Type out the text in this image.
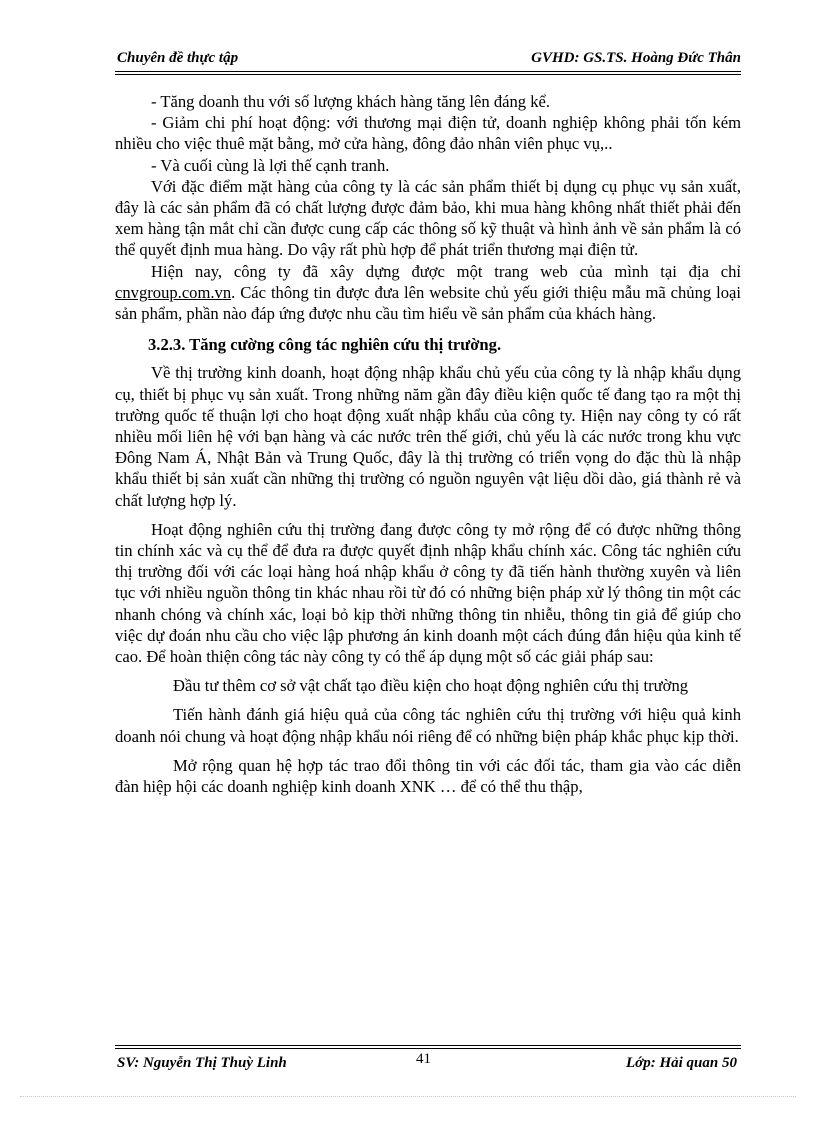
Chuyên đề thực tập	GVHD: GS.TS. Hoàng Đức Thân

- Tăng doanh thu với số lượng khách hàng tăng lên đáng kể.

- Giảm chi phí hoạt động: với thương mại điện tử, doanh nghiệp không phải tốn kém nhiều cho việc thuê mặt bằng, mở cửa hàng, đông đảo nhân viên phục vụ,..

- Và cuối cùng là lợi thế cạnh tranh.

Với đặc điểm mặt hàng của công ty là các sản phẩm thiết bị dụng cụ phục vụ sản xuất, đây là các sản phẩm đã có chất lượng được đảm bảo, khi mua hàng không nhất thiết phải đến xem hàng tận mắt chỉ cần được cung cấp các thông số kỹ thuật và hình ảnh về sản phẩm là có thể quyết định mua hàng. Do vậy rất phù hợp để phát triển thương mại điện tử.

Hiện nay, công ty đã xây dựng được một trang web của mình tại địa chỉ cnvgroup.com.vn. Các thông tin được đưa lên website chủ yếu giới thiệu mẫu mã chủng loại sản phẩm, phần nào đáp ứng được nhu cầu tìm hiểu về sản phẩm của khách hàng.

3.2.3. Tăng cường công tác nghiên cứu thị trường.

Về thị trường kinh doanh, hoạt động nhập khẩu chủ yếu của công ty là nhập khẩu dụng cụ, thiết bị phục vụ sản xuất. Trong những năm gần đây điều kiện quốc tế đang tạo ra một thị trường quốc tế thuận lợi cho hoạt động xuất nhập khẩu của công ty. Hiện nay công ty có rất nhiều mối liên hệ với bạn hàng và các nước trên thế giới, chủ yếu là các nước trong khu vực Đông Nam Á, Nhật Bản và Trung Quốc, đây là thị trường có triển vọng do đặc thù là nhập khẩu thiết bị sản xuất cần những thị trường có nguồn nguyên vật liệu dồi dào, giá thành rẻ và chất lượng hợp lý.

Hoạt động nghiên cứu thị trường đang được công ty mở rộng để có được những thông tin chính xác và cụ thể để đưa ra được quyết định nhập khẩu chính xác. Công tác nghiên cứu thị trường đối với các loại hàng hoá nhập khẩu ở công ty đã tiến hành thường xuyên và liên tục với nhiều nguồn thông tin khác nhau rồi từ đó có những biện pháp xử lý thông tin một các nhanh chóng và chính xác, loại bỏ kịp thời những thông tin nhiễu, thông tin giả để giúp cho việc dự đoán nhu cầu cho việc lập phương án kinh doanh một cách đúng đắn hiệu qủa kinh tế cao. Để hoàn thiện công tác này công ty có thể áp dụng một số các giải pháp sau:

Đầu tư thêm cơ sở vật chất tạo điều kiện cho hoạt động nghiên cứu thị trường

Tiến hành đánh giá hiệu quả của công tác nghiên cứu thị trường với hiệu quả kinh doanh nói chung và hoạt động nhập khẩu nói riêng để có những biện pháp khắc phục kịp thời.

Mở rộng quan hệ hợp tác trao đổi thông tin với các đối tác, tham gia vào các diễn đàn hiệp hội các doanh nghiệp kinh doanh XNK … để có thể thu thập,

SV: Nguyễn Thị Thuỳ Linh	41	Lớp: Hải quan 50
